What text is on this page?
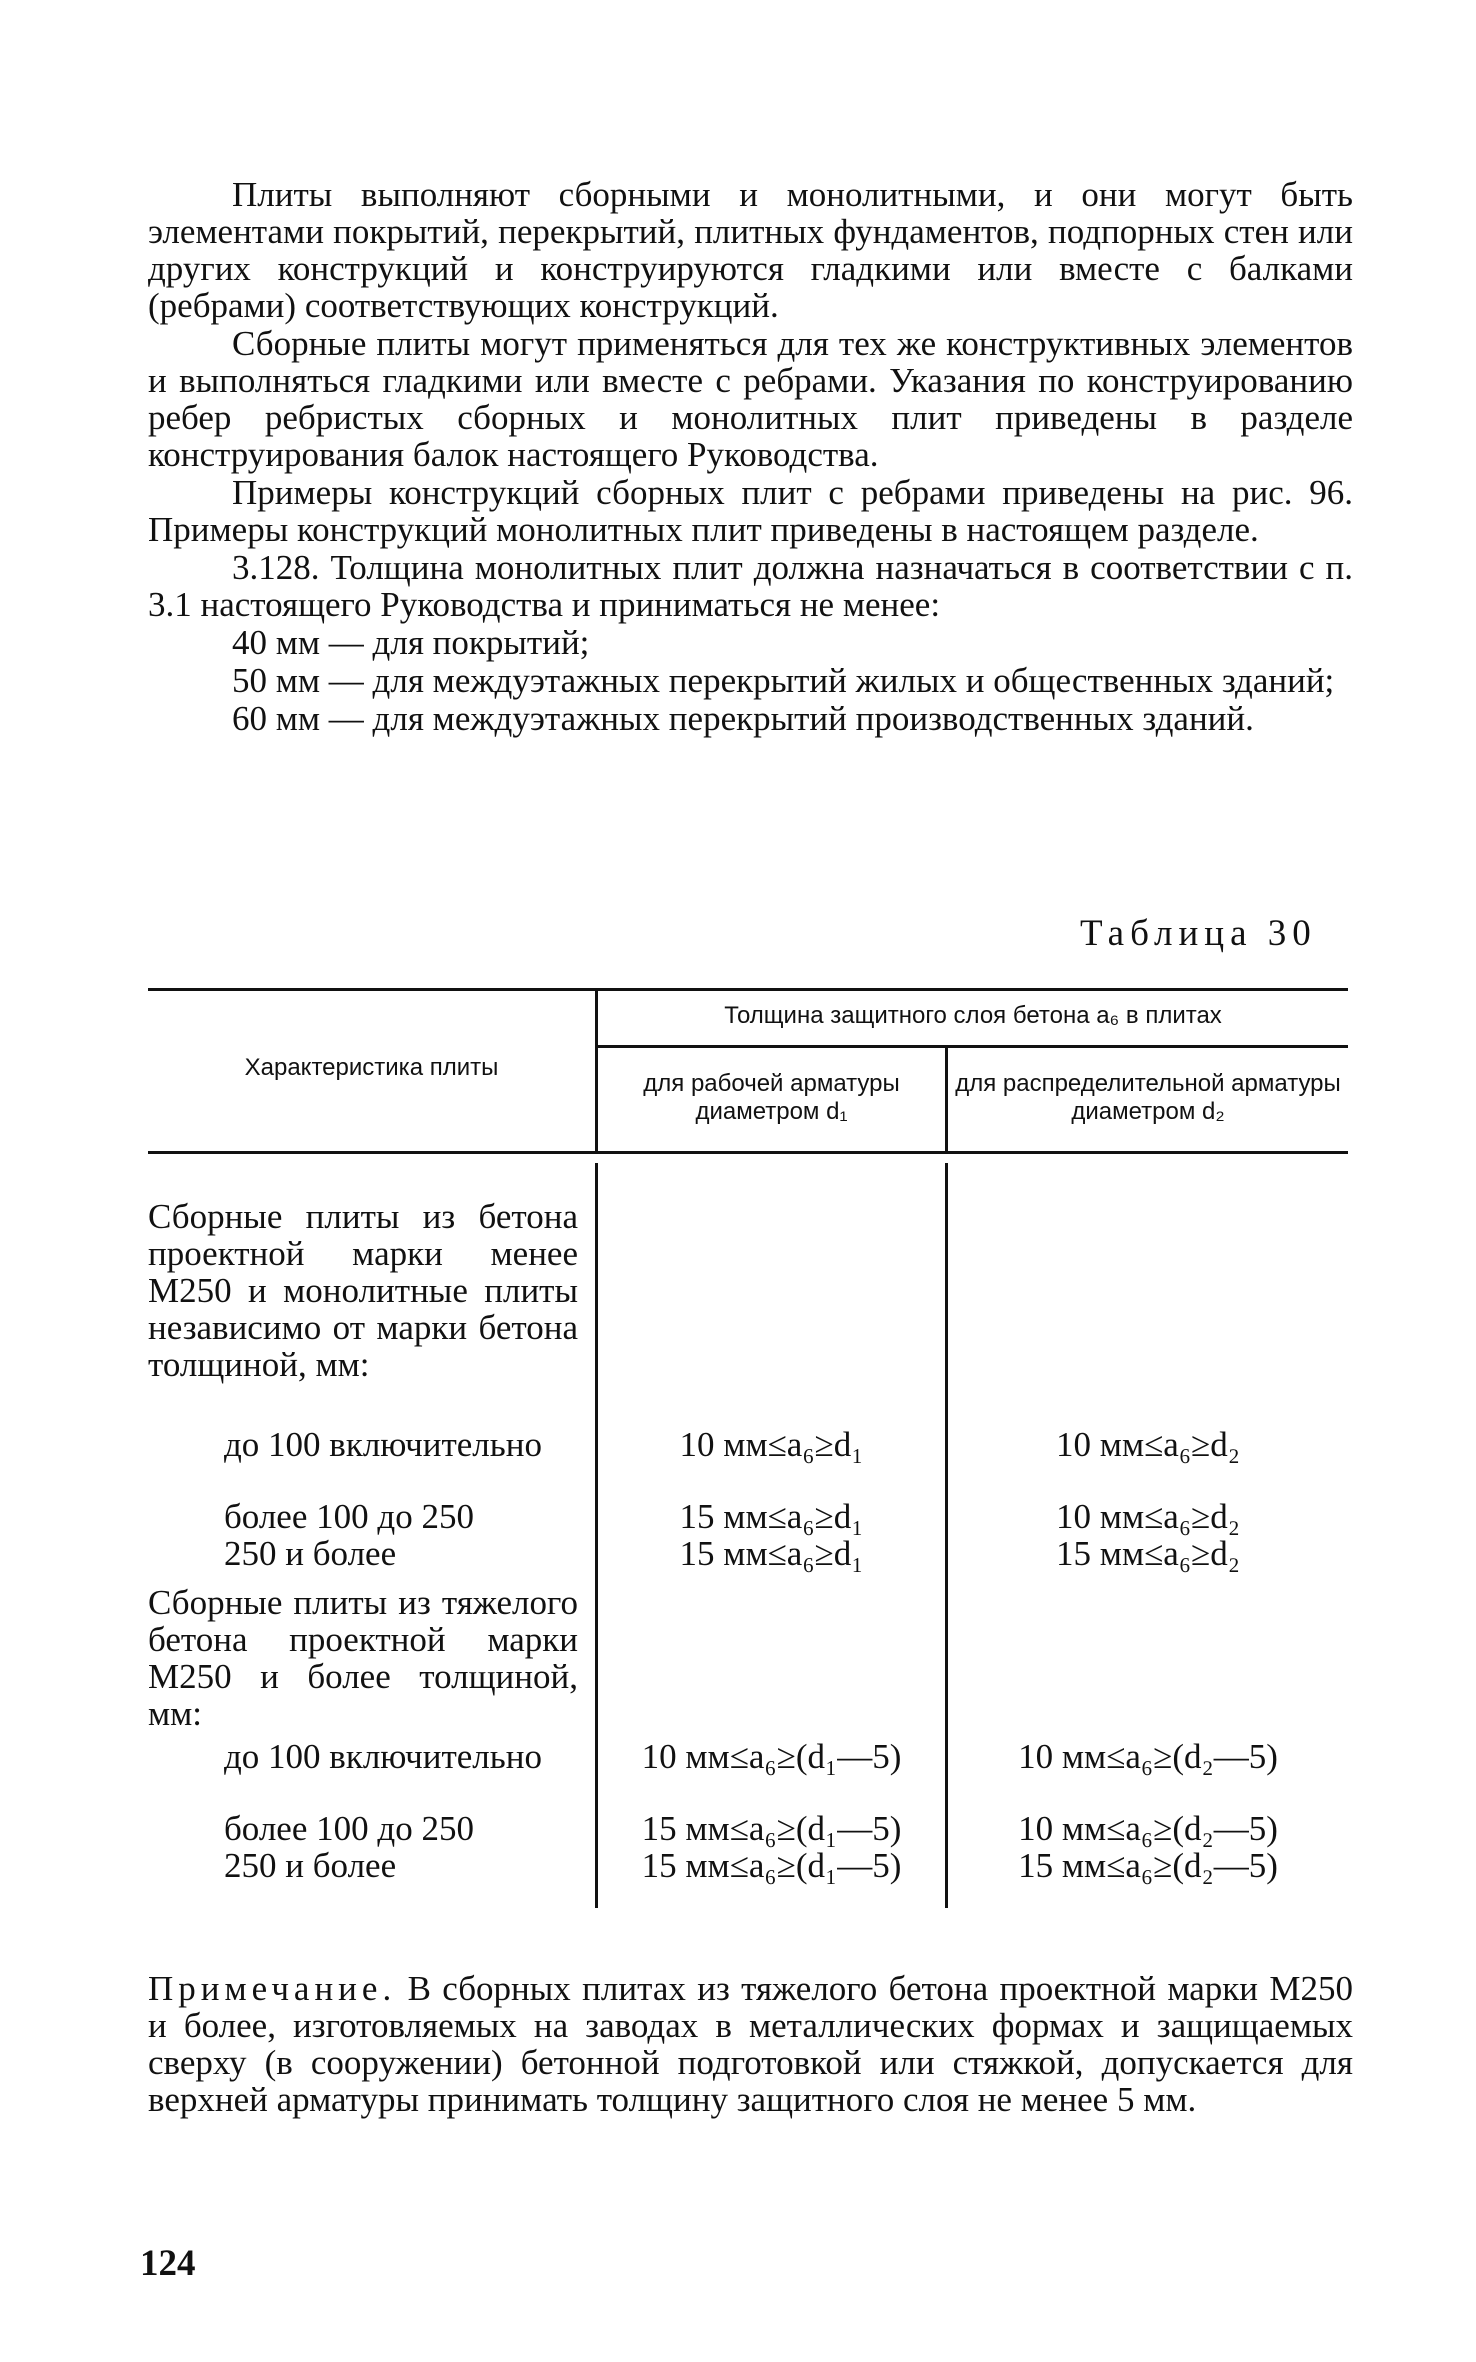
Плиты выполняют сборными и монолитными, и они могут быть элементами покрытий, перекрытий, плитных фундаментов, подпорных стен или других конструкций и конструируются гладкими или вместе с балками (ребрами) соответствующих конструкций.

Сборные плиты могут применяться для тех же конструктивных элементов и выполняться гладкими или вместе с ребрами. Указания по конструированию ребер ребристых сборных и монолитных плит приведены в разделе конструирования балок настоящего Руководства.

Примеры конструкций сборных плит с ребрами приведены на рис. 96. Примеры конструкций монолитных плит приведены в настоящем разделе.

3.128. Толщина монолитных плит должна назначаться в соответствии с п. 3.1 настоящего Руководства и приниматься не менее:

40 мм — для покрытий;

50 мм — для междуэтажных перекрытий жилых и общественных зданий;

60 мм — для междуэтажных перекрытий производственных зданий.

Таблица 30
Характеристика плиты
Толщина защитного слоя бетона a₆ в плитах
для рабочей арматуры диаметром d₁
для распределительной арматуры диаметром d₂
Сборные плиты из бетона проектной марки менее М250 и монолитные плиты независимо от марки бетона толщиной, мм:
до 100 включительно	10 мм≤a₆≥d₁	10 мм≤a₆≥d₂
более 100 до 250	15 мм≤a₆≥d₁	10 мм≤a₆≥d₂
250 и более	15 мм≤a₆≥d₁	15 мм≤a₆≥d₂
Сборные плиты из тяжелого бетона проектной марки М250 и более толщиной, мм:
до 100 включительно	10 мм≤a₆≥(d₁—5)	10 мм≤a₆≥(d₂—5)
более 100 до 250	15 мм≤a₆≥(d₁—5)	10 мм≤a₆≥(d₂—5)
250 и более	15 мм≤a₆≥(d₁—5)	15 мм≤a₆≥(d₂—5)
Примечание. В сборных плитах из тяжелого бетона проектной марки М250 и более, изготовляемых на заводах в металлических формах и защищаемых сверху (в сооружении) бетонной подготовкой или стяжкой, допускается для верхней арматуры принимать толщину защитного слоя не менее 5 мм.
124
